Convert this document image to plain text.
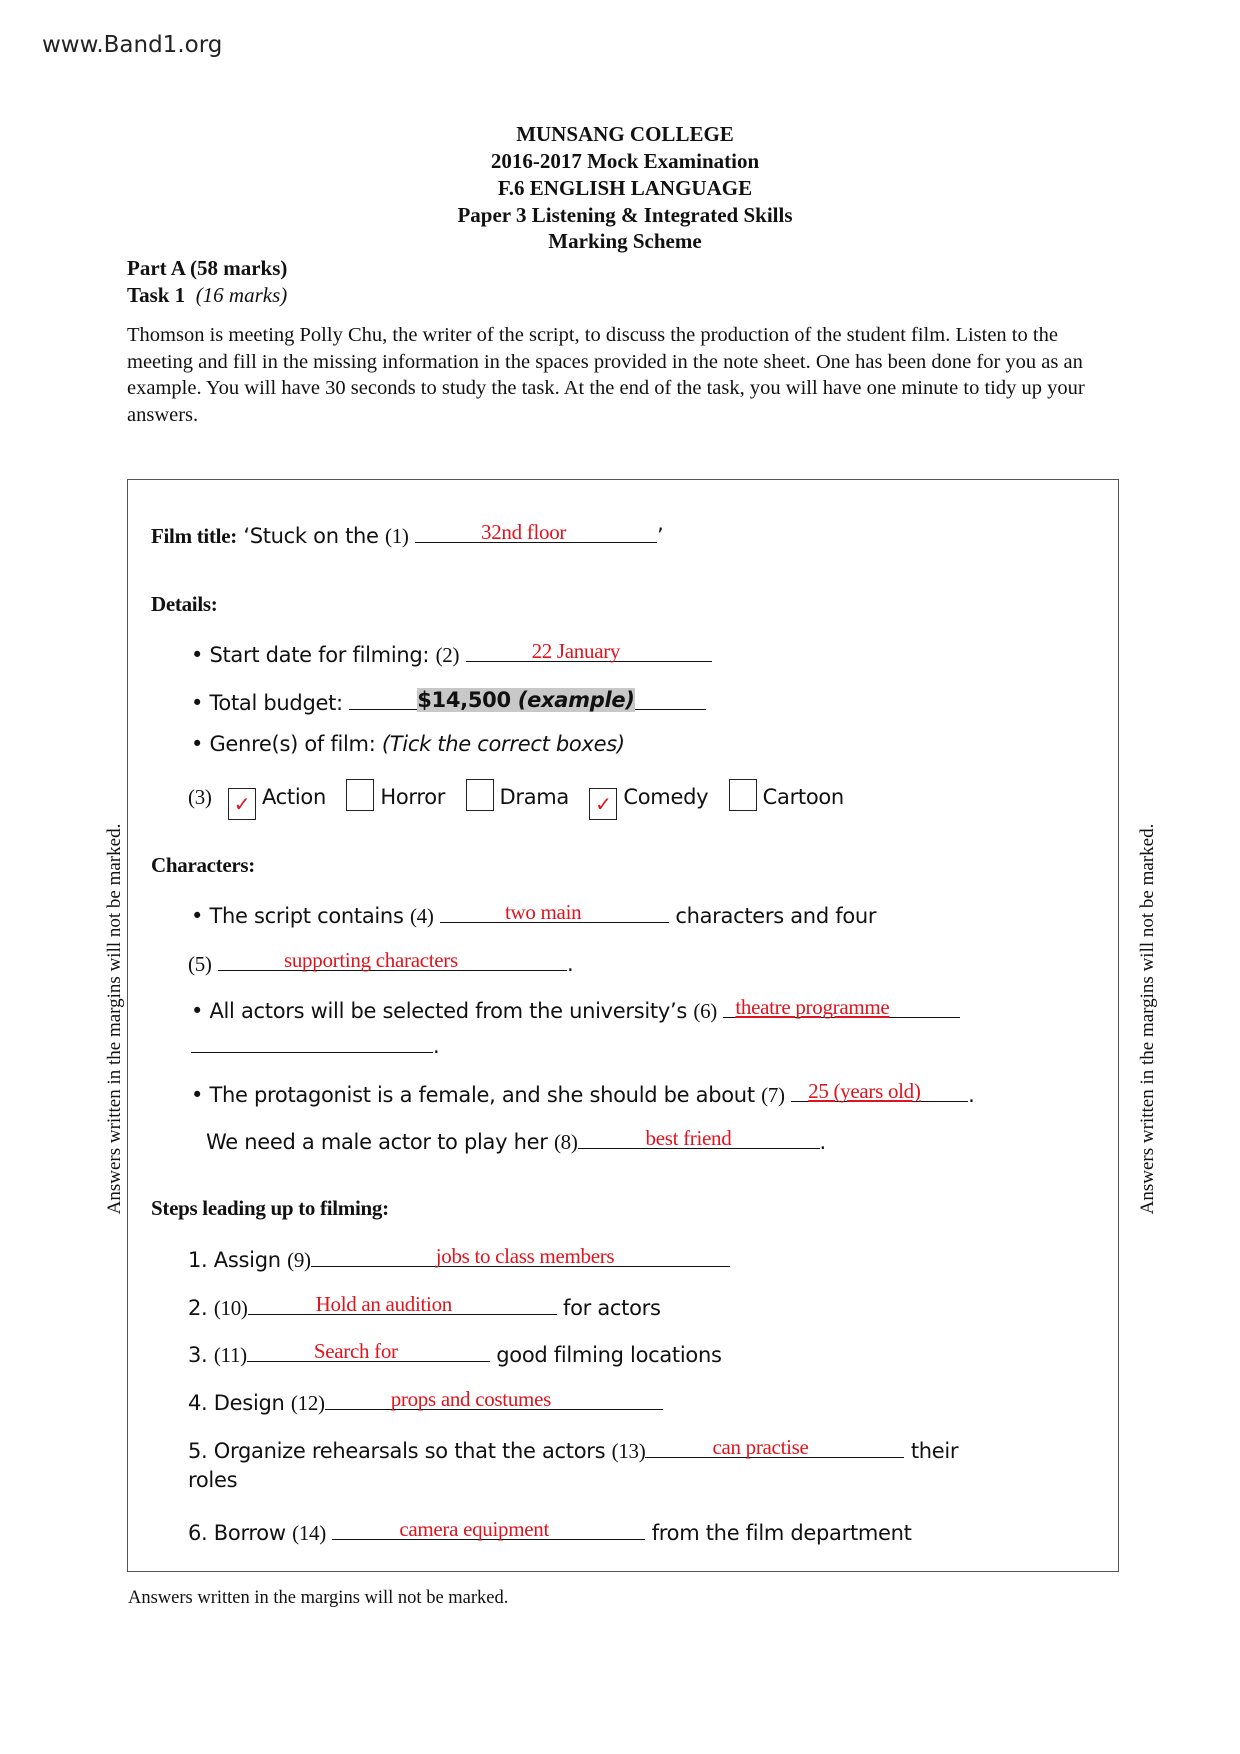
www.Band1.org
MUNSANG COLLEGE
2016-2017 Mock Examination
F.6 ENGLISH LANGUAGE
Paper 3 Listening & Integrated Skills
Marking Scheme
Part A (58 marks)
Task 1 (16 marks)
Thomson is meeting Polly Chu, the writer of the script, to discuss the production of the student film. Listen to the meeting and fill in the missing information in the spaces provided in the note sheet. One has been done for you as an example. You will have 30 seconds to study the task. At the end of the task, you will have one minute to tidy up your answers.
Film title: ‘Stuck on the (1)	32nd floor	’
Details:
• Start date for filming: (2)	22 January
• Total budget:	$14,500 (example)
• Genre(s) of film: (Tick the correct boxes)
(3) ✓ Action	Horror	Drama ✓ Comedy	Cartoon
Characters:
• The script contains (4)	two main	characters and four
(5)	supporting characters	.
• All actors will be selected from the university’s (6) theatre programme
.
• The protagonist is a female, and she should be about (7) 25 (years old) .
We need a male actor to play her (8)	best friend	.
Steps leading up to filming:
1. Assign (9)	jobs to class members
2. (10)	Hold an audition	for actors
3. (11)	Search for	good filming locations
4. Design (12)	props and costumes
5. Organize rehearsals so that the actors (13)	can practise	their
roles
6. Borrow (14)	camera equipment	from the film department
Answers written in the margins will not be marked.	Answers written in the margins will not be marked.
Answers written in the margins will not be marked.
